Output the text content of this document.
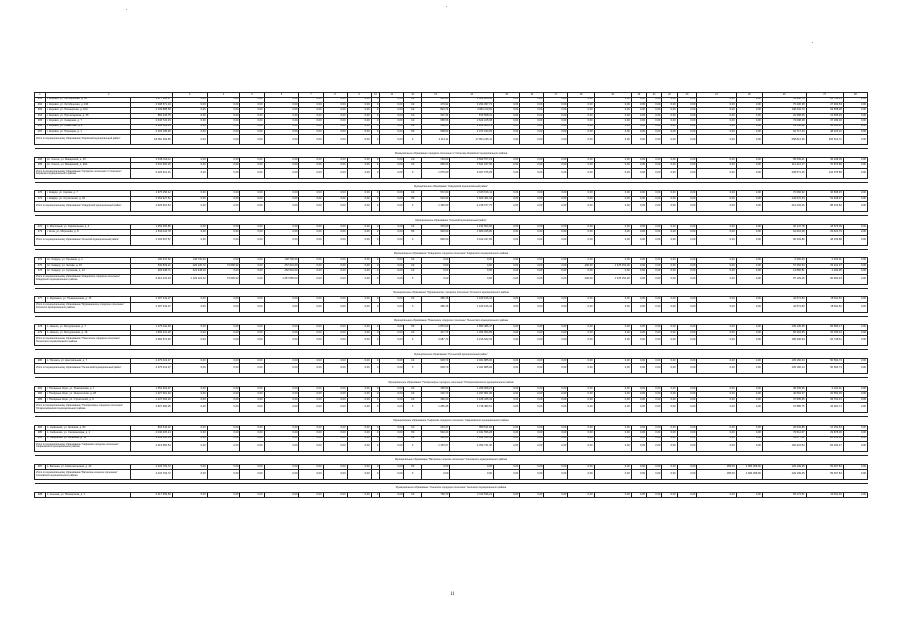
1	2		3	4	5	6	7	8	9	10	11	12	13	14	15	16	17	18	19	20	21	22	23	24	25	26	27	28
261	г. Кировск, ул. Октябрьская, д. 56	1 077 320,27	0,00	0,00	0,00	0,00	0,00	0,00	0,00	0	0,00	СК	410,00	1 066 900,00	0,00	0,00	0,00	0,00	0,00	0,00	0,00	0,00	0,00	0,00	0,00	51 408,74	26 748,13	0,00
262	г. Кировск, ул. Октябрьская, д. 164	3 308 571,10	0,00	0,00	0,00	0,00	0,00	0,00	0,00	0	0,00	СК	473,92	3 294 097,72	0,00	0,00	0,00	0,00	0,00	0,00	0,00	0,00	0,00	0,00	0,00	75 296,38	27 360,53	0,00
263	г. Кировск, ул. Пионерская, д. 10А	4 109 888,58	0,00	0,00	0,00	0,00	0,00	0,00	0,00	0	0,00	СК	824,74	4 084 119,60	0,00	0,00	0,00	0,00	0,00	0,00	0,00	0,00	0,00	0,00	0,00	108 294,73	54 658,28	0,00
264	г. Кировск, ул. Пролетарская, д. 25	882 132,75	0,00	0,00	0,00	0,00	0,00	0,00	0,00	0	0,00	СК	337,44	873 568,31	0,00	0,00	0,00	0,00	0,00	0,00	0,00	0,00	0,00	0,00	0,00	22 358,05	12 355,29	0,00
265	г. Кировск, ул. Северная, д. 7	2 646 724,34	0,00	0,00	0,00	0,00	0,00	0,00	0,00	0	0,00	СК	665,56	2 624 165,68	0,00	0,00	0,00	0,00	0,00	0,00	0,00	0,00	0,00	0,00	0,00	74 098,38	37 189,02	0,00
266	г. Кировск, ул. Советская, д. 2	2 304 609,85	0,00	0,00	0,00	0,00	0,00	0,00	0,00	0	0,00	СК	568,61	2 202 686,78	0,00	0,00	0,00	0,00	0,00	0,00	0,00	0,00	0,00	0,00	0,00	63 556,91	34 614,87	0,00
267	г. Кировск, ул. Пионерка, д. 1	2 403 195,90	0,00	0,00	0,00	0,00	0,00	0,00	0,00	0	0,00	ПК	508,90	2 371 194,05	0,00	0,00	0,00	0,00	0,00	0,00	0,00	0,00	0,00	0,00	0,00	62 717,43	48 323,22	0,00
Итого по муниципальному образованию "Кировский муниципальный район"		18 081 369,55	0,00	0,00	0,00	0,00	0,00	0,00	0,00	0	0,00	X	4 114,11	17 804 225,11	0,00	0,00	0,00	0,00	0,00	0,00	0,00	0,00	0,00	0,00	0,00	658 814,36	266 514,72	0,00

Муниципальное образование городское поселение пгт Кольское Кировского муниципального района																												
268	пгт. Ключи, ул. Макаровой, д. 45	2 538 016,11	0,00	0,00	0,00	0,00	0,00	0,00	0,00	0	0,00	СК	710,00	2 503 577,23	0,00	0,00	0,00	0,00	0,00	0,00	0,00	0,00	0,00	0,00	0,00	55 539,21	45 238,09	0,00
269	пгт. Ключи, ул. Макаровой, д. 36А	3 541 505,20	0,00	0,00	0,00	0,00	0,00	0,00	0,00	0	0,00	СК	965,00	3 521 187,00	0,00	0,00	0,00	0,00	0,00	0,00	0,00	0,00	0,00	0,00	0,00	113 412,17	70 876,86	0,00
Итого по муниципальному образованию "Городское поселение пгт Кольское" Кировского муниципального района		6 029 521,31	0,00	0,00	0,00	0,00	0,00	0,00	0,00	0	0,00	X	1 675,00	6 027 676,35	0,00	0,00	0,00	0,00	0,00	0,00	0,00	0,00	0,00	0,00	0,00	208 571,36	116 075,86	0,00

Муниципальное образование "Ковдорский муниципальный район"																												
270	г. Ковдор, ул. Кирова, д. 7	2 675 456,12	0,00	0,00	0,00	0,00	0,00	0,00	0,00	0	0,00	СК	572,00	2 615 516,11	0,00	0,00	0,00	0,00	0,00	0,00	0,00	0,00	0,00	0,00	0,00	70 660,92	36 808,45	0,00
271	г. Ковдор, ул. Строителей, д. 46	2 254 927,51	0,00	0,00	0,00	0,00	0,00	0,00	0,00	0	0,00	ПК	623,00	1 603 461,64	0,00	0,00	0,00	0,00	0,00	0,00	0,00	0,00	0,00	0,00	0,00	142 572,54	51 408,37	0,00
Итого по муниципальному образованию "Ковдорский муниципальный район"		4 929 624,63	0,00	0,00	0,00	0,00	0,00	0,00	0,00	0	0,00	X	1 195,00	4 218 977,75	0,00	0,00	0,00	0,00	0,00	0,00	0,00	0,00	0,00	0,00	0,00	213 233,46	88 216,82	0,00

Муниципальное образование "Кольский муниципальный район"																												
272	п. Молочный, ул. Гарнизонная, д. 4	1 259 365,85	0,00	0,00	0,00	0,00	0,00	0,00	0,00	0	0,00	СК	376,00	1 193 504,60	0,00	0,00	0,00	0,00	0,00	0,00	0,00	0,00	0,00	0,00	0,00	32 147,78	18 675,09	0,00
273	г. Кола, ул. Миронова, д. 8	1 840 116,78	0,00	0,00	0,00	0,00	0,00	0,00	0,00	0	0,00	ПК	520,00	1 809 045,80	0,00	0,00	0,00	0,00	0,00	0,00	0,00	0,00	0,00	0,00	0,00	64 215,48	29 622,79	0,00
Итого по муниципальному образованию "Кольский муниципальный район"		3 104 607,67	0,00	0,00	0,00	0,00	0,00	0,00	0,00	0	0,00	X	896,00	3 012 247,66	0,00	0,00	0,00	0,00	0,00	0,00	0,00	0,00	0,00	0,00	0,00	96 403,86	48 235,88	0,00

Муниципальное образование "Ковдорское городское поселение" Ковдорского муниципального района																												
274	пгт. Ковдор, ул. Горняков, д. 1	190 337,62	148 700,00	0,00	0,00	148 700,00	0,00	0,00	0,00	0	0,00	СК	0,00	0,00	0,00	0,00	0,00	0,00	0,00	0,00	0,00	0,00	0,00	0,00	0,00	6 460,00	6 460,01	0,00
275	пгт. Ковдор, ул. Чехова, д. 15	530 815,21	429 120,72	73 696,32	0,00	257 621,00	0,00	0,00	0,00	0	0,00	СК	0,00	0,00	0,00	0,00	0,00	406,00	1 378 152,00	0,00	0,00	0,00	0,00	0,00	0,00	57 252,54	33 341,37	0,00
276	пгт. Ковдор, ул. Сухачева, д. 13	265 948,71	224 346,00	0,00	0,00	252 544,00	0,00	0,00	0,00	0	0,00	СК	0,00	0,00	0,00	0,00	0,00	0,00	0,00	0,00	0,00	0,00	0,00	0,00	0,00	13 866,81	2 294,95	0,00
Итого по муниципальному образованию "Ковдорское городское поселение" Ковдорского муниципального района		3 010 215,04	1 129 122,32	73 696,32	0,00	1 057 865,00	0,00	0,00	0,00	0	0,00	X	0,00	0,00	0,00	0,00	0,00	406,00	1 378 152,00	0,00	0,00	0,00	0,00	0,00	0,00	87 129,26	60 964,94	0,00

Муниципальное образование "Мурмашинское городское поселение" Кольского муниципального района																												
277	п. Мурмаши, ул. Позарненская, д. 15	1 187 343,07	0,00	0,00	0,00	0,00	0,00	0,00	0,00	0	0,00	СК	380,15	1 109 106,44	0,00	0,00	0,00	0,00	0,00	0,00	0,00	0,00	0,00	0,00	0,00	42 574,83	18 811,54	0,00
Итого по муниципальному образованию "Мурмашинское городское поселение" Кольского муниципального района		1 187 343,07	0,00	0,00	0,00	0,00	0,00	0,00	0,00	0	0,00	X	380,15	1 109 106,44	0,00	0,00	0,00	0,00	0,00	0,00	0,00	0,00	0,00	0,00	0,00	42 574,83	18 811,54	0,00

Муниципальное образование "Никельское городское поселение" Печенгского муниципального района																												
278	п. Никель, ул. Мичуринская, д. 7	1 175 042,93	0,00	0,00	0,00	0,00	0,00	0,00	0,00	0	0,00	ПК	1 870,00	1 852 386,47	0,00	0,00	0,00	0,00	0,00	0,00	0,00	0,00	0,00	0,00	0,00	135 135,38	84 586,17	0,00
279	п. Никель, ул. Мичуринская, д. 16	1 809 231,00	0,00	0,00	0,00	0,00	0,00	0,00	0,00	0	0,00	СК	417,73	1 364 654,85	0,00	0,00	0,00	0,00	0,00	0,00	0,00	0,00	0,00	0,00	0,00	50 264,56	25 155,34	0,00
Итого по муниципальному образованию "Никельское городское поселение" Печенгского муниципального района		3 984 574,92	0,00	0,00	0,00	0,00	0,00	0,00	0,00	0	0,00	X	2 287,73	3 216 622,32	0,00	0,00	0,00	0,00	0,00	0,00	0,00	0,00	0,00	0,00	0,00	185 400,94	92 748,51	0,00

Муниципальное образование "Печенгский муниципальный район"																												
280	п. Печенга, ул. Центральная, д. 7	2 475 413,37	0,00	0,00	0,00	0,00	0,00	0,00	0,00	0	0,00	СК	918,73	2 321 885,00	0,00	0,00	0,00	0,00	0,00	0,00	0,00	0,00	0,00	0,00	0,00	105 166,44	50 592,73	0,00
Итого по муниципальному образованию "Печенгский муниципальный район"		2 475 413,37	0,00	0,00	0,00	0,00	0,00	0,00	0,00	0	0,00	X	918,73	2 321 885,00	0,00	0,00	0,00	0,00	0,00	0,00	0,00	0,00	0,00	0,00	0,00	105 166,44	50 592,73	0,00

Муниципальное образование "Полярнозорье городское поселение" Полярнозоринского муниципального района																												
281	г. Полярные Зори, ул. Ломоносова, д. 7	1 352 903,97	0,00	0,00	0,00	0,00	0,00	0,00	0,00	0	0,00	СК	465,50	1 299 008,22	0,00	0,00	0,00	0,00	0,00	0,00	0,00	0,00	0,00	0,00	0,00	38 265,96	9 160,91	0,00
282	г. Полярные Зори, ул. Энергетиков, д. 28	1 327 961,40	0,00	0,00	0,00	0,00	0,00	0,00	0,00	0	0,00	СК	402,70	1 297 861,00	0,00	0,00	0,00	0,00	0,00	0,00	0,00	0,00	0,00	0,00	0,00	40 664,37	20 552,39	0,00
283	г. Полярные Зори, ул. Строителей, д. 9	1 137 094,20	0,00	0,00	0,00	0,00	0,00	0,00	0,00	0	0,00	СК	396,20	1 108 435,49	0,00	0,00	0,00	0,00	0,00	0,00	0,00	0,00	0,00	0,00	0,00	37 595,35	25 752,31	0,00
Итого по муниципальному образованию "Полярнозорье городское поселение" Полярнозоринского муниципального района		3 807 284,35	0,00	0,00	0,00	0,00	0,00	0,00	0,00	0	0,00	X	1 266,25	3 718 484,51	0,00	0,00	0,00	0,00	0,00	0,00	0,00	0,00	0,00	0,00	0,00	97 885,75	43 624,71	0,00

Муниципальное образование "Сафоново городское поселение" Сафоновского муниципального района																												
284	п. Сафоново, ул. Зелёная, д. 84	894 643,22	0,00	0,00	0,00	0,00	0,00	0,00	0,00	0	0,00	СК	313,47	858 511,66	0,00	0,00	0,00	0,00	0,00	0,00	0,00	0,00	0,00	0,00	0,00	26 634,85	12 252,54	0,00
285	п. Сафоново, ул. Сапожникова, д. 1	2 046 905,13	0,00	0,00	0,00	0,00	0,00	0,00	0,00	0	0,00	ПК	540,20	2 041 556,28	0,00	0,00	0,00	0,00	0,00	0,00	0,00	0,00	0,00	0,00	0,00	79 512,67	29 878,00	0,00
286	п. Сафоново, ул. Кольская, д. 11	1 463 006,19	0,00	0,00	0,00	0,00	0,00	0,00	0,00	0	0,00	СК	300,00	1 451 653,51	0,00	0,00	0,00	0,00	0,00	0,00	0,00	0,00	0,00	0,00	0,00	55 077,02	28 209,36	0,00
Итого по муниципальному образованию "Сафоново городское поселение" Сафоновского муниципального района		4 319 584,54	0,00	0,00	0,00	0,00	0,00	0,00	0,00	0	0,00	X	1 153,67	4 350 731,40	0,00	0,00	0,00	0,00	0,00	0,00	0,00	0,00	0,00	0,00	0,00	160 224,54	84 182,37	0,00

Муниципальное образование "Ватонское сельское поселение" Сосновского муниципального района																												
287	п. Ватонка, ул. Комсомольская, д. 22	4 232 763,72	0,00	0,00	0,00	0,00	0,00	0,00	0,00	0	0,00	ПК	0,00	0,00	0,00	0,00	0,00	0,00	0,00	0,00	0,00	0,00	0,00	185,00	4 084 908,00	129 199,35	59 607,84	0,00
Итого по муниципальному образованию "Ватонское сельское поселение" Сосновского муниципального района		4 232 763,72	0,00	0,00	0,00	0,00	0,00	0,00	0,00	0	0,00	X	0,00	0,00	0,00	0,00	0,00	0,00	0,00	0,00	0,00	0,00	0,00	185,00	4 084 908,00	129 199,35	59 607,84	0,00

Муниципальное образование "Сыльское городское поселение" Сыльского муниципального района																												
288	п. Сыльва, ул. Пионерская, д. 2	2 217 959,50	0,00	0,00	0,00	0,00	0,00	0,00	0,00	0	0,00	СК	769,70	2 113 536,24	0,00	0,00	0,00	0,00	0,00	0,00	0,00	0,00	0,00	0,00	0,00	65 174,51	30 811,33	0,00
11
